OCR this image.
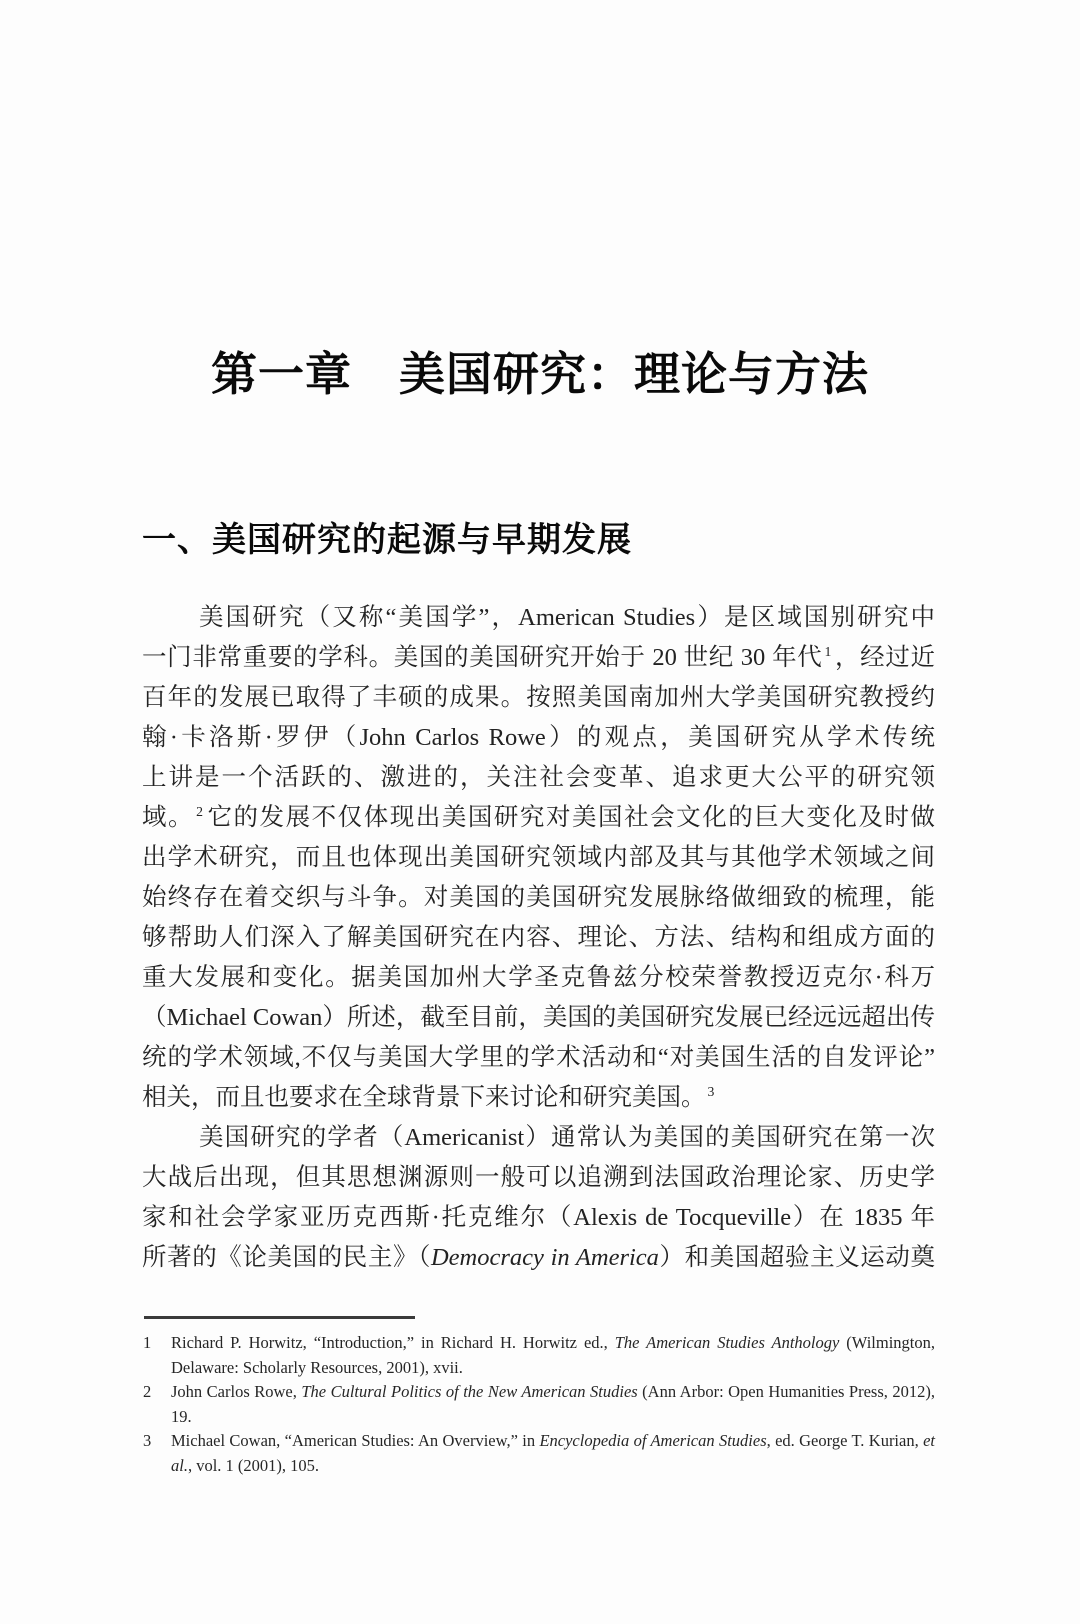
第一章　美国研究：理论与方法
一、美国研究的起源与早期发展
美国研究（又称“美国学”，American Studies）是区域国别研究中
一门非常重要的学科。美国的美国研究开始于 20 世纪 30 年代 $^1$ ，经过近
百年的发展已取得了丰硕的成果。按照美国南加州大学美国研究教授约
翰·卡洛斯·罗伊（John Carlos Rowe）的观点，美国研究从学术传统
上讲是一个活跃的、激进的，关注社会变革、追求更大公平的研究领
域。 $^2$ 它的发展不仅体现出美国研究对美国社会文化的巨大变化及时做
出学术研究，而且也体现出美国研究领域内部及其与其他学术领域之间
始终存在着交织与斗争。对美国的美国研究发展脉络做细致的梳理，能
够帮助人们深入了解美国研究在内容、理论、方法、结构和组成方面的
重大发展和变化。据美国加州大学圣克鲁兹分校荣誉教授迈克尔·科万
（Michael Cowan）所述，截至目前，美国的美国研究发展已经远远超出传
统的学术领域,不仅与美国大学里的学术活动和“对美国生活的自发评论”
相关，而且也要求在全球背景下来讨论和研究美国。 $^3$
美国研究的学者（Americanist）通常认为美国的美国研究在第一次
大战后出现，但其思想渊源则一般可以追溯到法国政治理论家、历史学
家和社会学家亚历克西斯·托克维尔（Alexis de Tocqueville）在 1835 年
所著的《论美国的民主》（Democracy in America）和美国超验主义运动奠
1	Richard P. Horwitz, “Introduction,” in Richard H. Horwitz ed., The American Studies Anthology (Wilmington, Delaware: Scholarly Resources, 2001), xvii.
2	John Carlos Rowe, The Cultural Politics of the New American Studies (Ann Arbor: Open Humanities Press, 2012), 19.
3	Michael Cowan, “American Studies: An Overview,” in Encyclopedia of American Studies, ed. George T. Kurian, et al., vol. 1 (2001), 105.
